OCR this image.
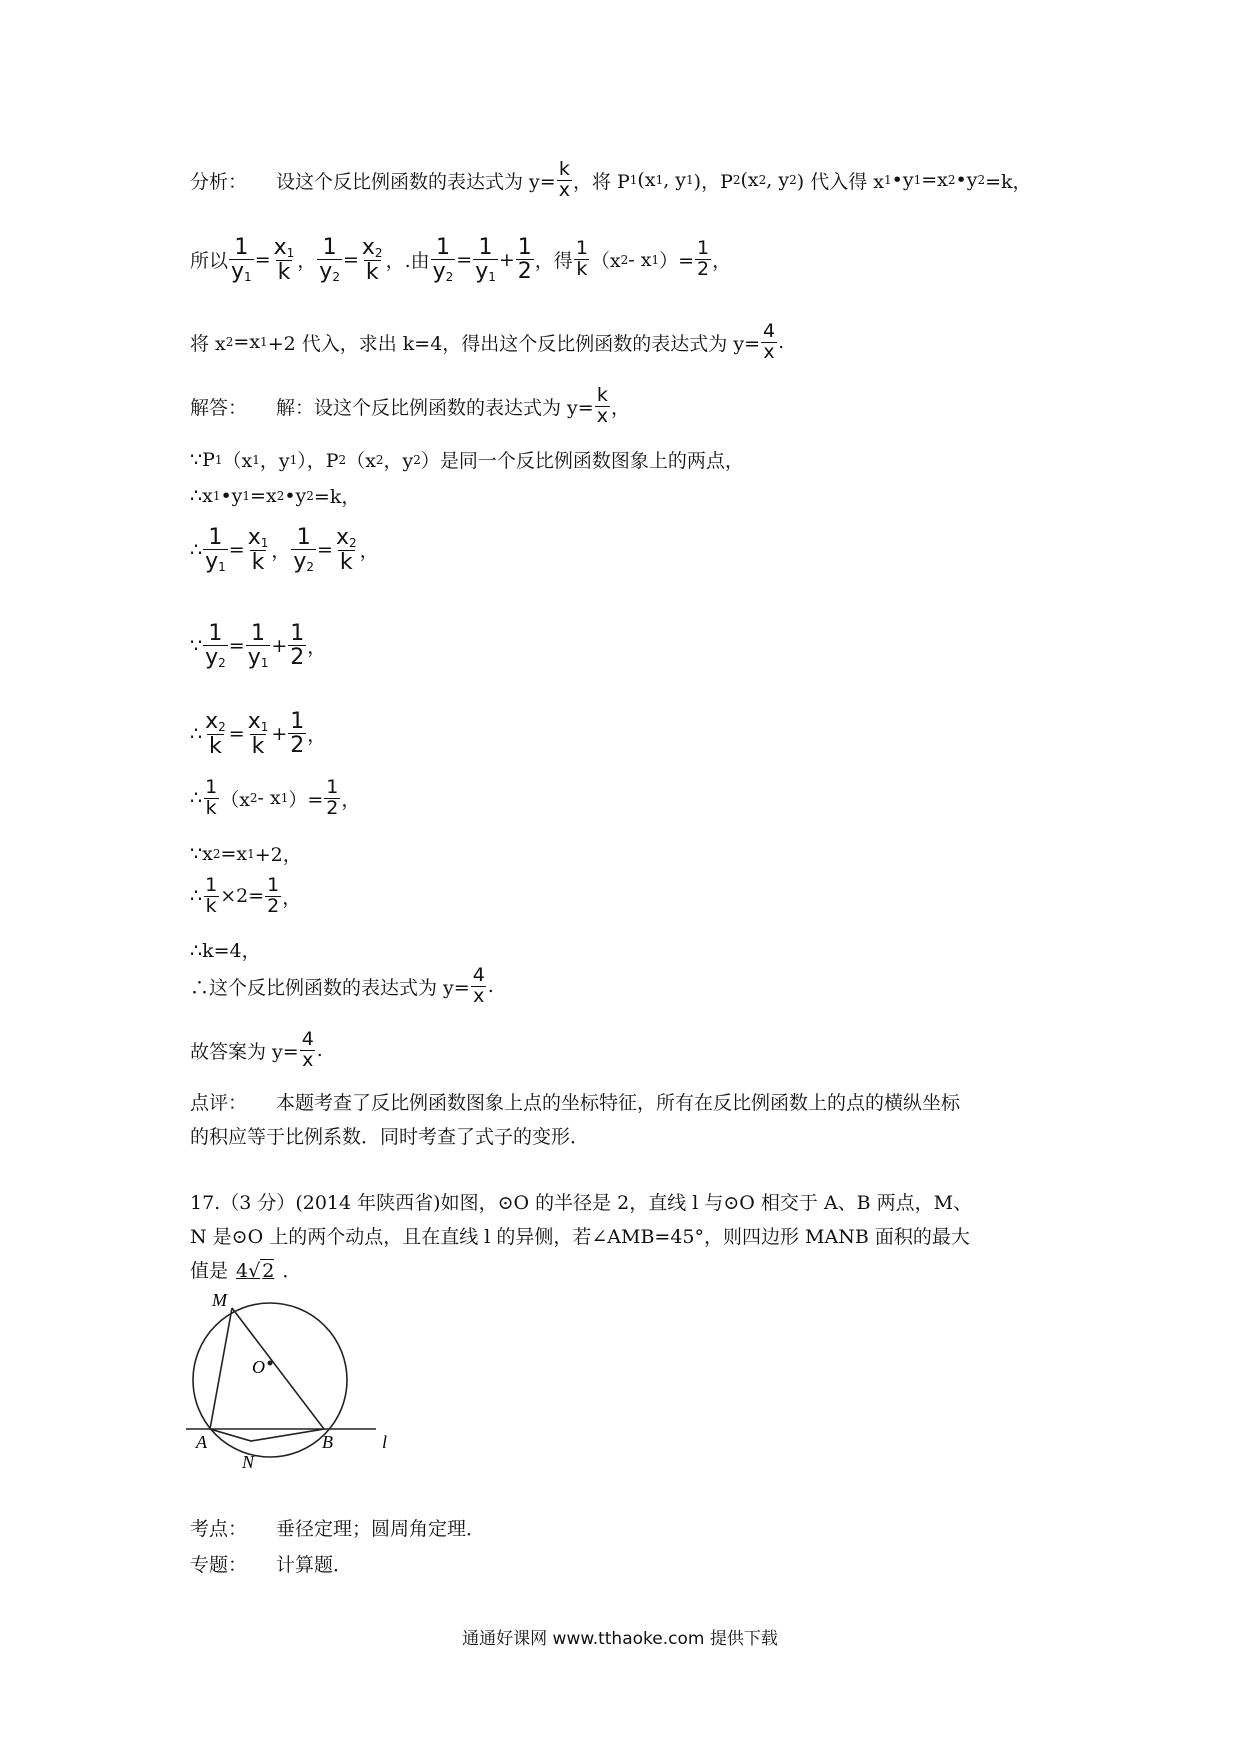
分析：	设这个反比例函数的表达式为 $y= \frac{k}{x}$ ，将 P 1 (x 1 , y 1 )，P 2 (x 2 , y 2 ) 代入得 x 1 •y 1 =x 2 •y 2 =k，
所以 $\frac{1}{y_1} = \frac{x_1}{k}$ ， $\frac{1}{y_2} = \frac{x_2}{k}$ ，.由 $\frac{1}{y_2} = \frac{1}{y_1} + \frac{1}{2}$ ，得 $\frac{1}{k} (x$ 2 - x 1 ）= $\frac{1}{2}$ ，
将 x 2 =x 1 +2 代入，求出 k=4，得出这个反比例函数的表达式为 $y= \frac{4}{x}$ .
解答：	解：设这个反比例函数的表达式为 $y= \frac{k}{x}$ ，
∵P 1 （x 1 ，y 1 ），P 2 （x 2 ，y 2 ）是同一个反比例函数图象上的两点，
∴x 1 •y 1 =x 2 •y 2 =k，
∴ $\frac{1}{y_1} = \frac{x_1}{k}$ ， $\frac{1}{y_2} = \frac{x_2}{k}$ ，
∵ $\frac{1}{y_2} = \frac{1}{y_1} + \frac{1}{2}$ ，
∴ $\frac{x_2}{k} = \frac{x_1}{k} + \frac{1}{2}$ ，
∴ $\frac{1}{k} (x$ 2 - x 1 ）= $\frac{1}{2}$ ，
∵x 2 =x 1 +2，
∴ $\frac{1}{k} \times 2= \frac{1}{2}$ ，
∴k=4，
∴这个反比例函数的表达式为 $y= \frac{4}{x}$ .
故答案为 $y= \frac{4}{x}$ .
点评： 本题考查了反比例函数图象上点的坐标特征，所有在反比例函数上的点的横纵坐标
的积应等于比例系数．同时考查了式子的变形．
17.（3 分）(2014 年陕西省)如图，⊙O 的半径是 2，直线 l 与⊙O 相交于 A、B 两点，M、
N 是⊙O 上的两个动点，且在直线 l 的异侧，若∠AMB=45°，则四边形 MANB 面积的最大
值是 4√ 2 ．
M
O
A	B
N
l
考点：	垂径定理；圆周角定理．
专题：	计算题．
通通好课网 www.tthaoke.com 提供下载
